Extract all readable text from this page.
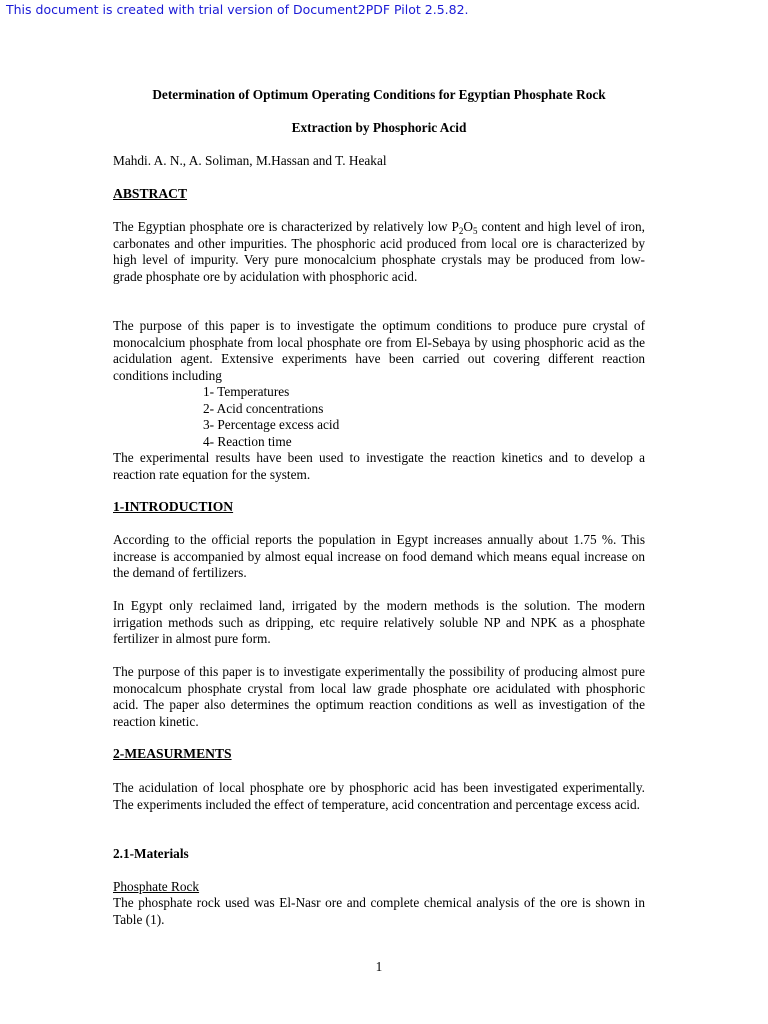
This document is created with trial version of Document2PDF Pilot 2.5.82.
Determination of Optimum Operating Conditions for Egyptian Phosphate Rock
Extraction by Phosphoric Acid
Mahdi. A. N., A. Soliman, M.Hassan and T. Heakal
ABSTRACT
The Egyptian phosphate ore is characterized by relatively low $P_2O_5$ content and high level of iron, carbonates and other impurities. The phosphoric acid produced from local ore is characterized by high level of impurity. Very pure monocalcium phosphate crystals may be produced from low-grade phosphate ore by acidulation with phosphoric acid.
The purpose of this paper is to investigate the optimum conditions to produce pure crystal of monocalcium phosphate from local phosphate ore from El-Sebaya by using phosphoric acid as the acidulation agent. Extensive experiments have been carried out covering different reaction conditions including
1- Temperatures
2- Acid concentrations
3- Percentage excess acid
4- Reaction time
The experimental results have been used to investigate the reaction kinetics and to develop a reaction rate equation for the system.
1-INTRODUCTION
According to the official reports the population in Egypt increases annually about 1.75 %. This increase is accompanied by almost equal increase on food demand which means equal increase on the demand of fertilizers.
In Egypt only reclaimed land, irrigated by the modern methods is the solution. The modern irrigation methods such as dripping, etc require relatively soluble NP and NPK as a phosphate fertilizer in almost pure form.
The purpose of this paper is to investigate experimentally the possibility of producing almost pure monocalcum phosphate crystal from local law grade phosphate ore acidulated with phosphoric acid. The paper also determines the optimum reaction conditions as well as investigation of the reaction kinetic.
2-MEASURMENTS
The acidulation of local phosphate ore by phosphoric acid has been investigated experimentally. The experiments included the effect of temperature, acid concentration and percentage excess acid.
2.1-Materials
Phosphate Rock
The phosphate rock used was El-Nasr ore and complete chemical analysis of the ore is shown in Table (1).
1
